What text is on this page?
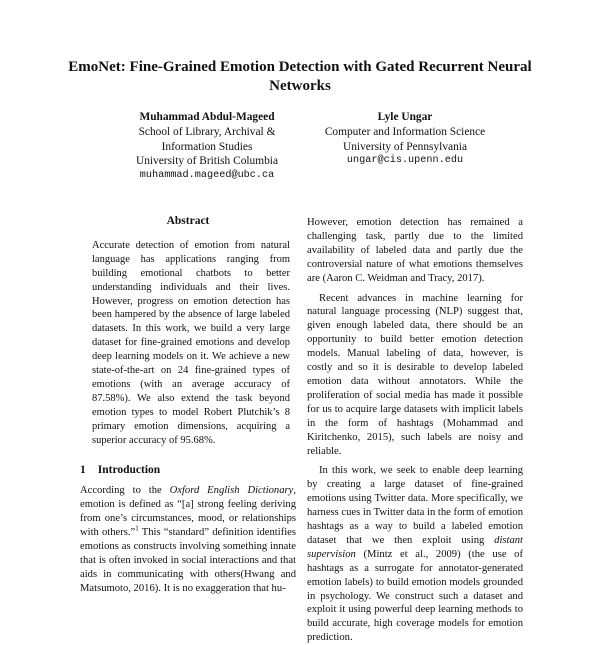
EmoNet: Fine-Grained Emotion Detection with Gated Recurrent Neural Networks
Muhammad Abdul-Mageed
School of Library, Archival &
Information Studies
University of British Columbia
muhammad.mageed@ubc.ca
Lyle Ungar
Computer and Information Science
University of Pennsylvania
ungar@cis.upenn.edu
Abstract
Accurate detection of emotion from natural language has applications ranging from building emotional chatbots to better understanding individuals and their lives. However, progress on emotion detection has been hampered by the absence of large labeled datasets. In this work, we build a very large dataset for fine-grained emotions and develop deep learning models on it. We achieve a new state-of-the-art on 24 fine-grained types of emotions (with an average accuracy of 87.58%). We also extend the task beyond emotion types to model Robert Plutchik’s 8 primary emotion dimensions, acquiring a superior accuracy of 95.68%.
1 Introduction

According to the Oxford English Dictionary, emotion is defined as “[a] strong feeling deriving from one’s circumstances, mood, or relationships with others.”$^1$ This “standard” definition identifies emotions as constructs involving something innate that is often invoked in social interactions and that aids in communicating with others(Hwang and Matsumoto, 2016). It is no exaggeration that hu-

However, emotion detection has remained a challenging task, partly due to the limited availability of labeled data and partly due the controversial nature of what emotions themselves are (Aaron C. Weidman and Tracy, 2017).

Recent advances in machine learning for natural language processing (NLP) suggest that, given enough labeled data, there should be an opportunity to build better emotion detection models. Manual labeling of data, however, is costly and so it is desirable to develop labeled emotion data without annotators. While the proliferation of social media has made it possible for us to acquire large datasets with implicit labels in the form of hashtags (Mohammad and Kiritchenko, 2015), such labels are noisy and reliable.

In this work, we seek to enable deep learning by creating a large dataset of fine-grained emotions using Twitter data. More specifically, we harness cues in Twitter data in the form of emotion hashtags as a way to build a labeled emotion dataset that we then exploit using distant supervision (Mintz et al., 2009) (the use of hashtags as a surrogate for annotator-generated emotion labels) to build emotion models grounded in psychology. We construct such a dataset and exploit it using powerful deep learning methods to build accurate, high coverage models for emotion prediction.
